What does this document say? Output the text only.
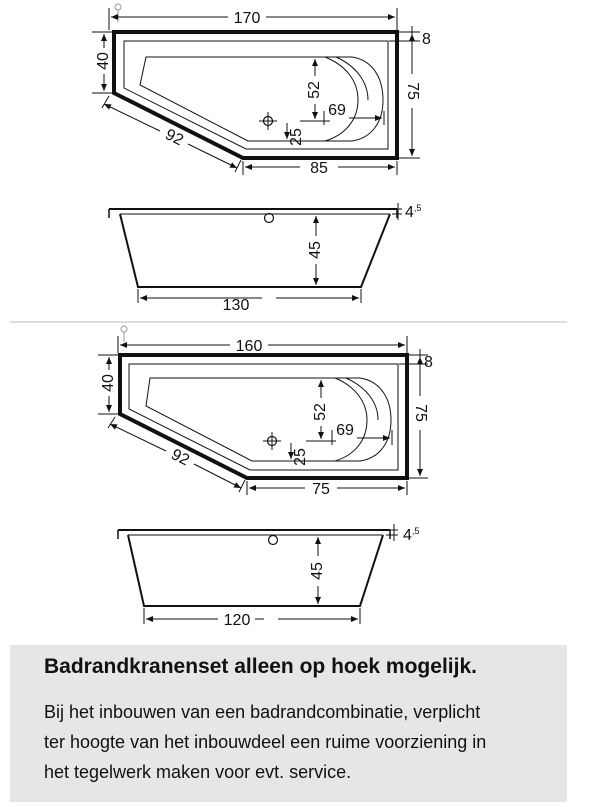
170
40
8
75
52
69
25
92
85
$4^{,5}$
45
130
160
40
8
75
52
69
25
92
75
$4^{,5}$
45
120
Badrandkranenset alleen op hoek mogelijk.
Bij het inbouwen van een badrandcombinatie, verplicht
ter hoogte van het inbouwdeel een ruime voorziening in
het tegelwerk maken voor evt. service.
